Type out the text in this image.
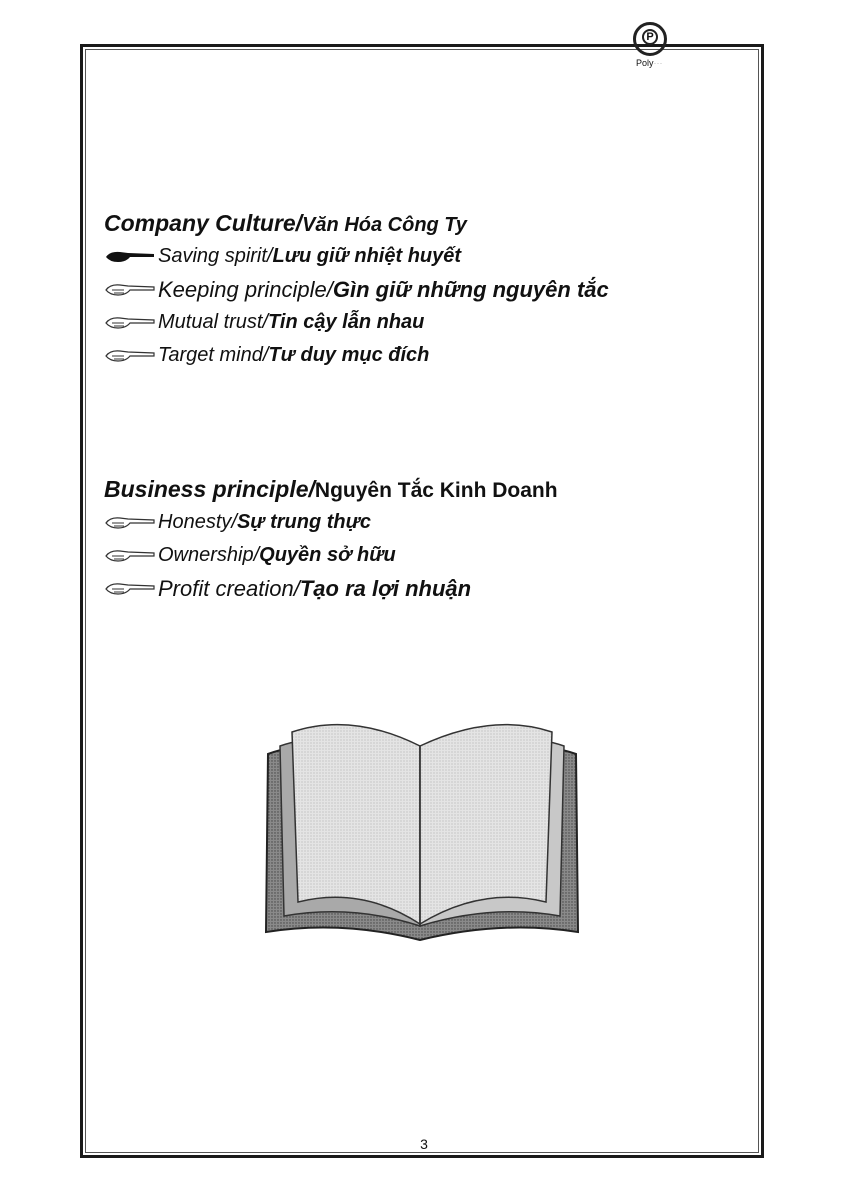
P
Poly···
Company Culture/Văn Hóa Công Ty
Saving spirit/ Lưu giữ nhiệt huyết
Keeping principle/ Gìn giữ những nguyên tắc
Mutual trust/ Tin cậy lẫn nhau
Target mind/ Tư duy mục đích
Business principle/Nguyên Tắc Kinh Doanh
Honesty/ Sự trung thực
Ownership/ Quyền sở hữu
Profit creation/ Tạo ra lợi nhuận
3
